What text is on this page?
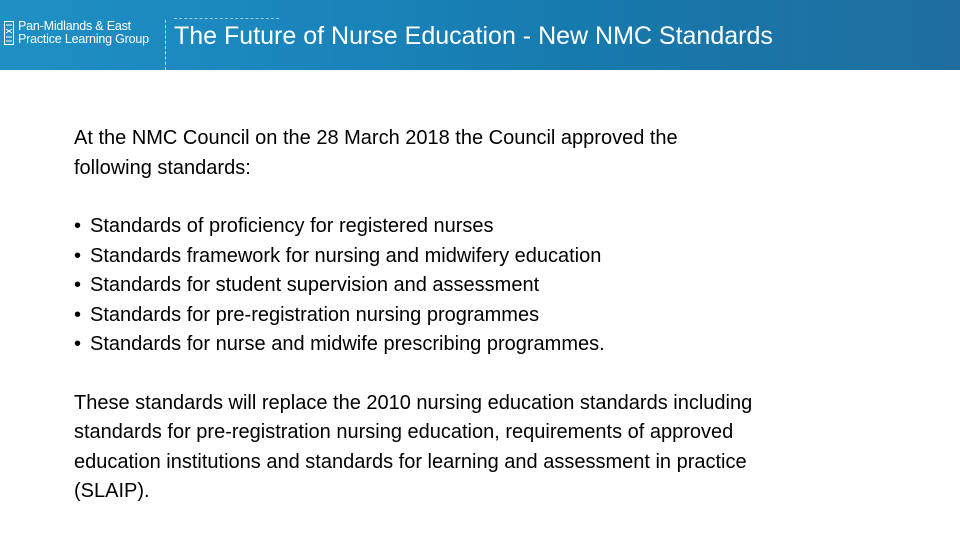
Pan-Midlands & East
Practice Learning Group The Future of Nurse Education - New NMC Standards

At the NMC Council on the 28 March 2018 the Council approved the
following standards:

• Standards of proficiency for registered nurses
• Standards framework for nursing and midwifery education
• Standards for student supervision and assessment
• Standards for pre-registration nursing programmes
• Standards for nurse and midwife prescribing programmes.

These standards will replace the 2010 nursing education standards including
standards for pre-registration nursing education, requirements of approved
education institutions and standards for learning and assessment in practice
(SLAIP).
